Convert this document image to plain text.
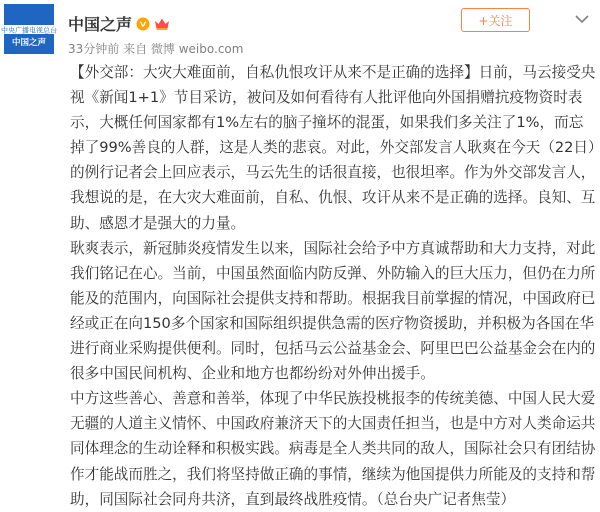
中央广播电视总台
中国之声
中国之声
33分钟前 来自 微博 weibo.com
+关注

【外交部：大灾大难面前，自私仇恨攻讦从来不是正确的选择】日前，马云接受央视《新闻1+1》节目采访，被问及如何看待有人批评他向外国捐赠抗疫物资时表示，大概任何国家都有1%左右的脑子撞坏的混蛋，如果我们多关注了1%，而忘掉了99%善良的人群，这是人类的悲哀。对此，外交部发言人耿爽在今天（22日）的例行记者会上回应表示，马云先生的话很直接，也很坦率。作为外交部发言人，我想说的是，在大灾大难面前，自私、仇恨、攻讦从来不是正确的选择。良知、互助、感恩才是强大的力量。

耿爽表示，新冠肺炎疫情发生以来，国际社会给予中方真诚帮助和大力支持，对此我们铭记在心。当前，中国虽然面临内防反弹、外防输入的巨大压力，但仍在力所能及的范围内，向国际社会提供支持和帮助。根据我目前掌握的情况，中国政府已经或正在向150多个国家和国际组织提供急需的医疗物资援助，并积极为各国在华进行商业采购提供便利。同时，包括马云公益基金会、阿里巴巴公益基金会在内的很多中国民间机构、企业和地方也都纷纷对外伸出援手。

中方这些善心、善意和善举，体现了中华民族投桃报李的传统美德、中国人民大爱无疆的人道主义情怀、中国政府兼济天下的大国责任担当，也是中方对人类命运共同体理念的生动诠释和积极实践。病毒是全人类共同的敌人，国际社会只有团结协作才能战而胜之，我们将坚持做正确的事情，继续为他国提供力所能及的支持和帮助，同国际社会同舟共济，直到最终战胜疫情。（总台央广记者焦莹）
